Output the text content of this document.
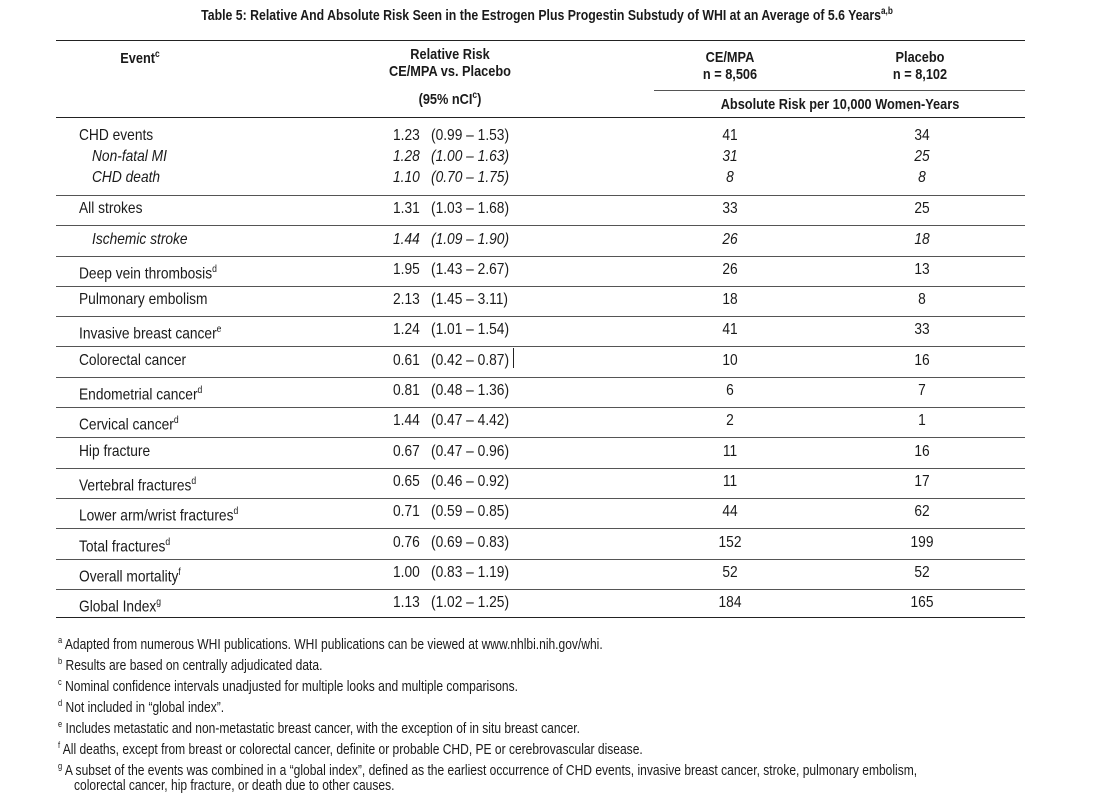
Table 5: Relative And Absolute Risk Seen in the Estrogen Plus Progestin Substudy of WHI at an Average of 5.6 Years$^{a,b}$
Event$^c$	Relative Risk
CE/MPA vs. Placebo
(95% nCI$^c$)
CE/MPA
n = 8,506
Placebo
n = 8,102
Absolute Risk per 10,000 Women-Years
CHD events	1.23 (0.99 – 1.53)	41	34
Non-fatal MI	1.28 (1.00 – 1.63)	31	25
CHD death	1.10 (0.70 – 1.75)	8	8
All strokes	1.31 (1.03 – 1.68)	33	25
Ischemic stroke	1.44 (1.09 – 1.90)	26	18
Deep vein thrombosis$^d$	1.95 (1.43 – 2.67)	26	13
Pulmonary embolism	2.13 (1.45 – 3.11)	18	8
Invasive breast cancer$^e$	1.24 (1.01 – 1.54)	41	33
Colorectal cancer	0.61 (0.42 – 0.87)	10	16
Endometrial cancer$^d$	0.81 (0.48 – 1.36)	6	7
Cervical cancer$^d$	1.44 (0.47 – 4.42)	2	1
Hip fracture	0.67 (0.47 – 0.96)	11	16
Vertebral fractures$^d$	0.65 (0.46 – 0.92)	11	17
Lower arm/wrist fractures$^d$	0.71 (0.59 – 0.85)	44	62
Total fractures$^d$	0.76 (0.69 – 0.83)	152	199
Overall mortality$^f$	1.00 (0.83 – 1.19)	52	52
Global Index$^g$	1.13 (1.02 – 1.25)	184	165
$^a$ Adapted from numerous WHI publications. WHI publications can be viewed at www.nhlbi.nih.gov/whi.
$^b$ Results are based on centrally adjudicated data.
$^c$ Nominal confidence intervals unadjusted for multiple looks and multiple comparisons.
$^d$ Not included in “global index”.
$^e$ Includes metastatic and non-metastatic breast cancer, with the exception of in situ breast cancer.
$^f$ All deaths, except from breast or colorectal cancer, definite or probable CHD, PE or cerebrovascular disease.
$^g$ A subset of the events was combined in a “global index”, defined as the earliest occurrence of CHD events, invasive breast cancer, stroke, pulmonary embolism,
colorectal cancer, hip fracture, or death due to other causes.
